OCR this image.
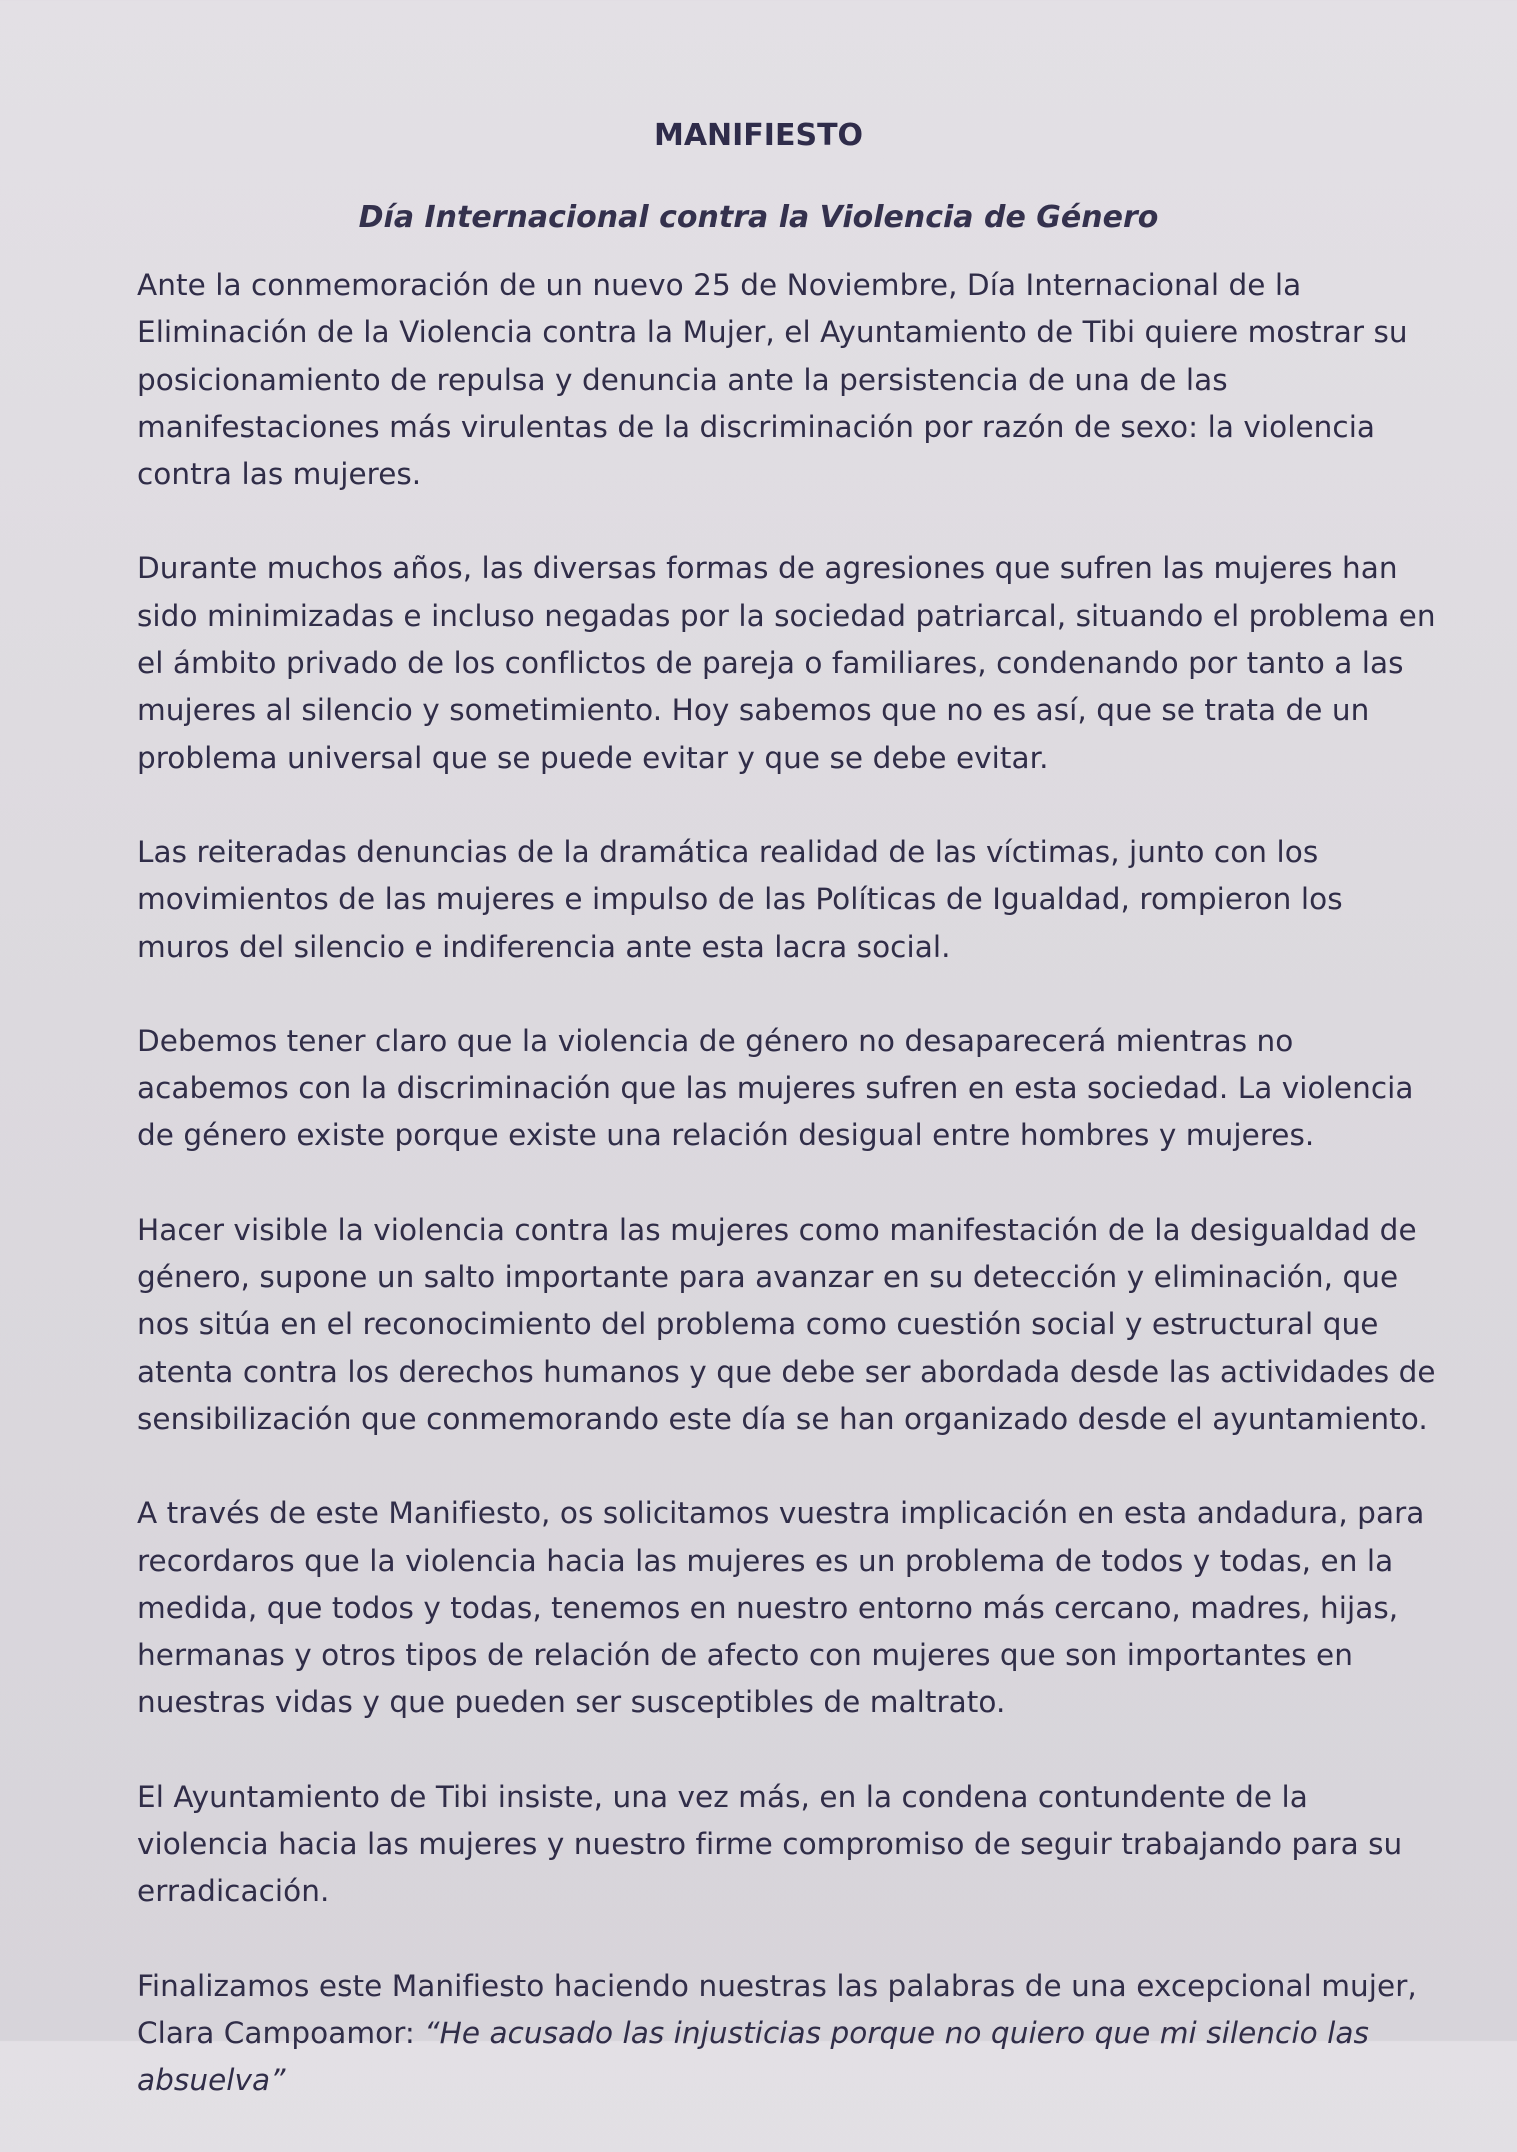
MANIFIESTO
Día Internacional contra la Violencia de Género

Ante la conmemoración de un nuevo 25 de Noviembre, Día Internacional de la
Eliminación de la Violencia contra la Mujer, el Ayuntamiento de Tibi quiere mostrar su
posicionamiento de repulsa y denuncia ante la persistencia de una de las
manifestaciones más virulentas de la discriminación por razón de sexo: la violencia
contra las mujeres.

Durante muchos años, las diversas formas de agresiones que sufren las mujeres han
sido minimizadas e incluso negadas por la sociedad patriarcal, situando el problema en
el ámbito privado de los conflictos de pareja o familiares, condenando por tanto a las
mujeres al silencio y sometimiento. Hoy sabemos que no es así, que se trata de un
problema universal que se puede evitar y que se debe evitar.

Las reiteradas denuncias de la dramática realidad de las víctimas, junto con los
movimientos de las mujeres e impulso de las Políticas de Igualdad, rompieron los
muros del silencio e indiferencia ante esta lacra social.

Debemos tener claro que la violencia de género no desaparecerá mientras no
acabemos con la discriminación que las mujeres sufren en esta sociedad. La violencia
de género existe porque existe una relación desigual entre hombres y mujeres.

Hacer visible la violencia contra las mujeres como manifestación de la desigualdad de
género, supone un salto importante para avanzar en su detección y eliminación, que
nos sitúa en el reconocimiento del problema como cuestión social y estructural que
atenta contra los derechos humanos y que debe ser abordada desde las actividades de
sensibilización que conmemorando este día se han organizado desde el ayuntamiento.

A través de este Manifiesto, os solicitamos vuestra implicación en esta andadura, para
recordaros que la violencia hacia las mujeres es un problema de todos y todas, en la
medida, que todos y todas, tenemos en nuestro entorno más cercano, madres, hijas,
hermanas y otros tipos de relación de afecto con mujeres que son importantes en
nuestras vidas y que pueden ser susceptibles de maltrato.

El Ayuntamiento de Tibi insiste, una vez más, en la condena contundente de la
violencia hacia las mujeres y nuestro firme compromiso de seguir trabajando para su
erradicación.

Finalizamos este Manifiesto haciendo nuestras las palabras de una excepcional mujer,
Clara Campoamor: “He acusado las injusticias porque no quiero que mi silencio las
absuelva”
